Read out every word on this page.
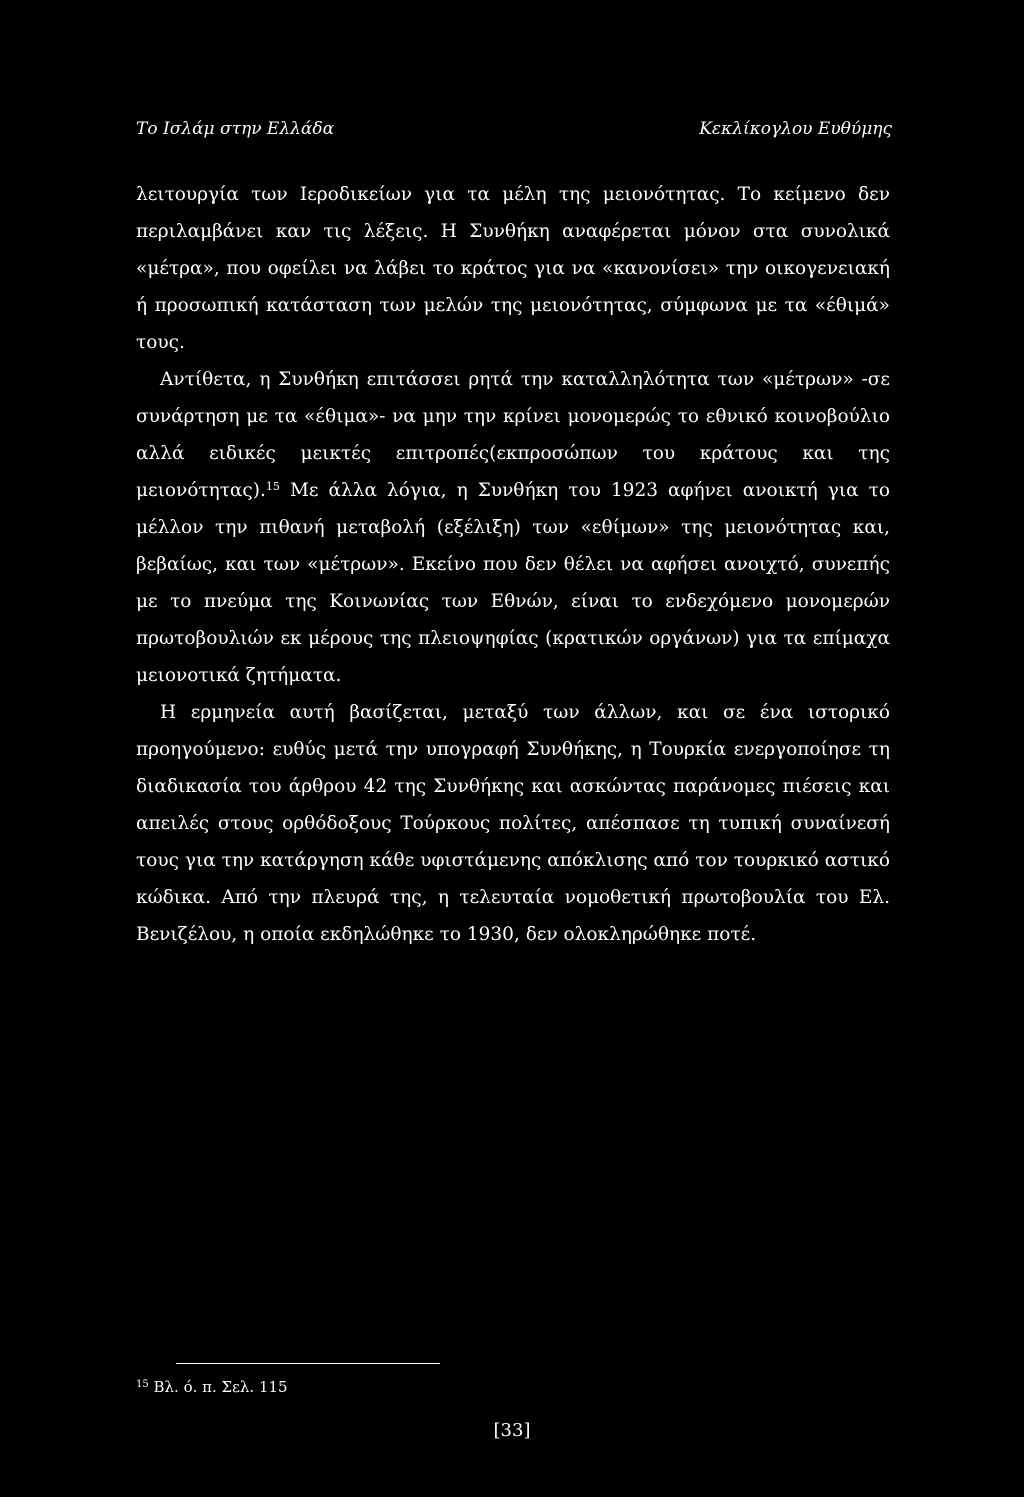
Το Ισλάμ στην Ελλάδα	Κεκλίκογλου Ευθύμης

λειτουργία των Ιεροδικείων για τα μέλη της μειονότητας. Το κείμενο δεν περιλαμβάνει καν τις λέξεις. Η Συνθήκη αναφέρεται μόνον στα συνολικά «μέτρα», που οφείλει να λάβει το κράτος για να «κανονίσει» την οικογενειακή ή προσωπική κατάσταση των μελών της μειονότητας, σύμφωνα με τα «έθιμά» τους.

Αντίθετα, η Συνθήκη επιτάσσει ρητά την καταλληλότητα των «μέτρων» -σε συνάρτηση με τα «έθιμα»- να μην την κρίνει μονομερώς το εθνικό κοινοβούλιο αλλά ειδικές μεικτές επιτροπές(εκπροσώπων του κράτους και της μειονότητας).$^{15}$ Με άλλα λόγια, η Συνθήκη του 1923 αφήνει ανοικτή για το μέλλον την πιθανή μεταβολή (εξέλιξη) των «εθίμων» της μειονότητας και, βεβαίως, και των «μέτρων». Εκείνο που δεν θέλει να αφήσει ανοιχτό, συνεπής με το πνεύμα της Κοινωνίας των Εθνών, είναι το ενδεχόμενο μονομερών πρωτοβουλιών εκ μέρους της πλειοψηφίας (κρατικών οργάνων) για τα επίμαχα μειονοτικά ζητήματα.

Η ερμηνεία αυτή βασίζεται, μεταξύ των άλλων, και σε ένα ιστορικό προηγούμενο: ευθύς μετά την υπογραφή Συνθήκης, η Τουρκία ενεργοποίησε τη διαδικασία του άρθρου 42 της Συνθήκης και ασκώντας παράνομες πιέσεις και απειλές στους ορθόδοξους Τούρκους πολίτες, απέσπασε τη τυπική συναίνεσή τους για την κατάργηση κάθε υφιστάμενης απόκλισης από τον τουρκικό αστικό κώδικα. Από την πλευρά της, η τελευταία νομοθετική πρωτοβουλία του Ελ. Βενιζέλου, η οποία εκδηλώθηκε το 1930, δεν ολοκληρώθηκε ποτέ.

$^{15}$ Βλ. ό. π. Σελ. 115
[33]
